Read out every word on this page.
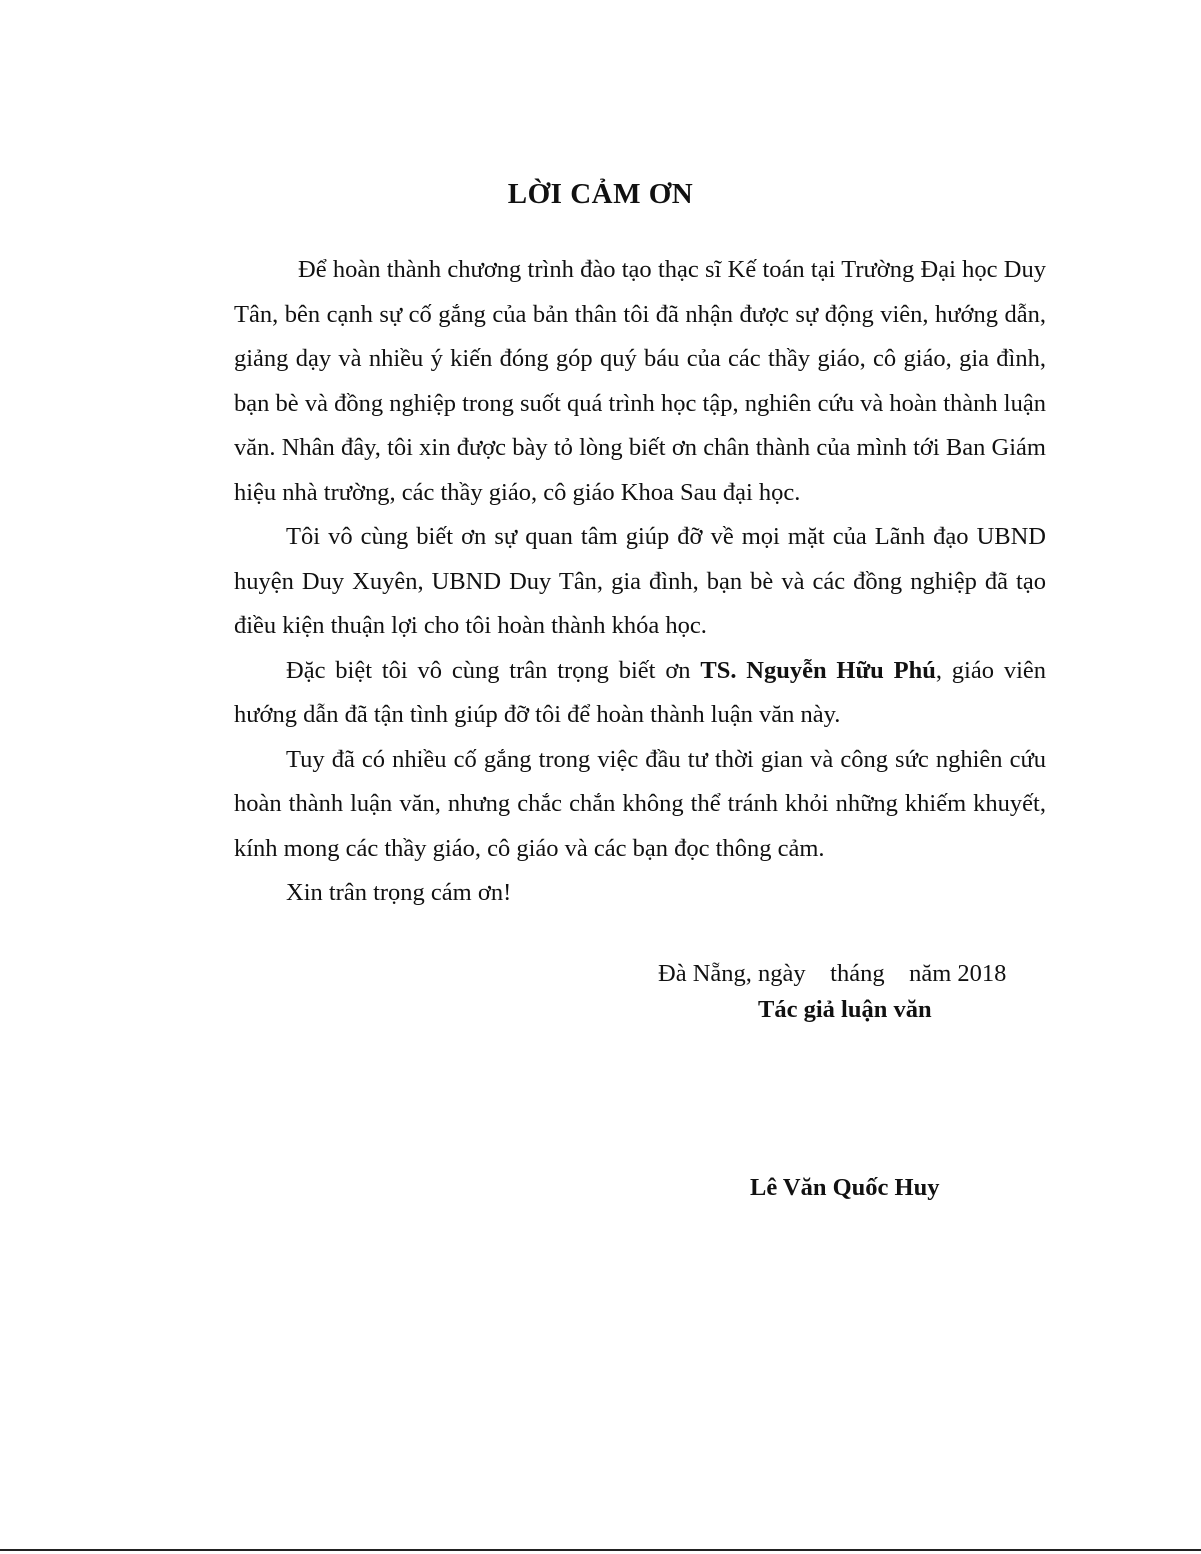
LỜI CẢM ƠN

Để hoàn thành chương trình đào tạo thạc sĩ Kế toán tại Trường Đại học Duy Tân, bên cạnh sự cố gắng của bản thân tôi đã nhận được sự động viên, hướng dẫn, giảng dạy và nhiều ý kiến đóng góp quý báu của các thầy giáo, cô giáo, gia đình, bạn bè và đồng nghiệp trong suốt quá trình học tập, nghiên cứu và hoàn thành luận văn. Nhân đây, tôi xin được bày tỏ lòng biết ơn chân thành của mình tới Ban Giám hiệu nhà trường, các thầy giáo, cô giáo Khoa Sau đại học.

Tôi vô cùng biết ơn sự quan tâm giúp đỡ về mọi mặt của Lãnh đạo UBND huyện Duy Xuyên, UBND Duy Tân, gia đình, bạn bè và các đồng nghiệp đã tạo điều kiện thuận lợi cho tôi hoàn thành khóa học.

Đặc biệt tôi vô cùng trân trọng biết ơn TS. Nguyễn Hữu Phú, giáo viên hướng dẫn đã tận tình giúp đỡ tôi để hoàn thành luận văn này.

Tuy đã có nhiều cố gắng trong việc đầu tư thời gian và công sức nghiên cứu hoàn thành luận văn, nhưng chắc chắn không thể tránh khỏi những khiếm khuyết, kính mong các thầy giáo, cô giáo và các bạn đọc thông cảm.

Xin trân trọng cám ơn!

Đà Nẵng, ngày    tháng    năm 2018
Tác giả luận văn
Lê Văn Quốc Huy
